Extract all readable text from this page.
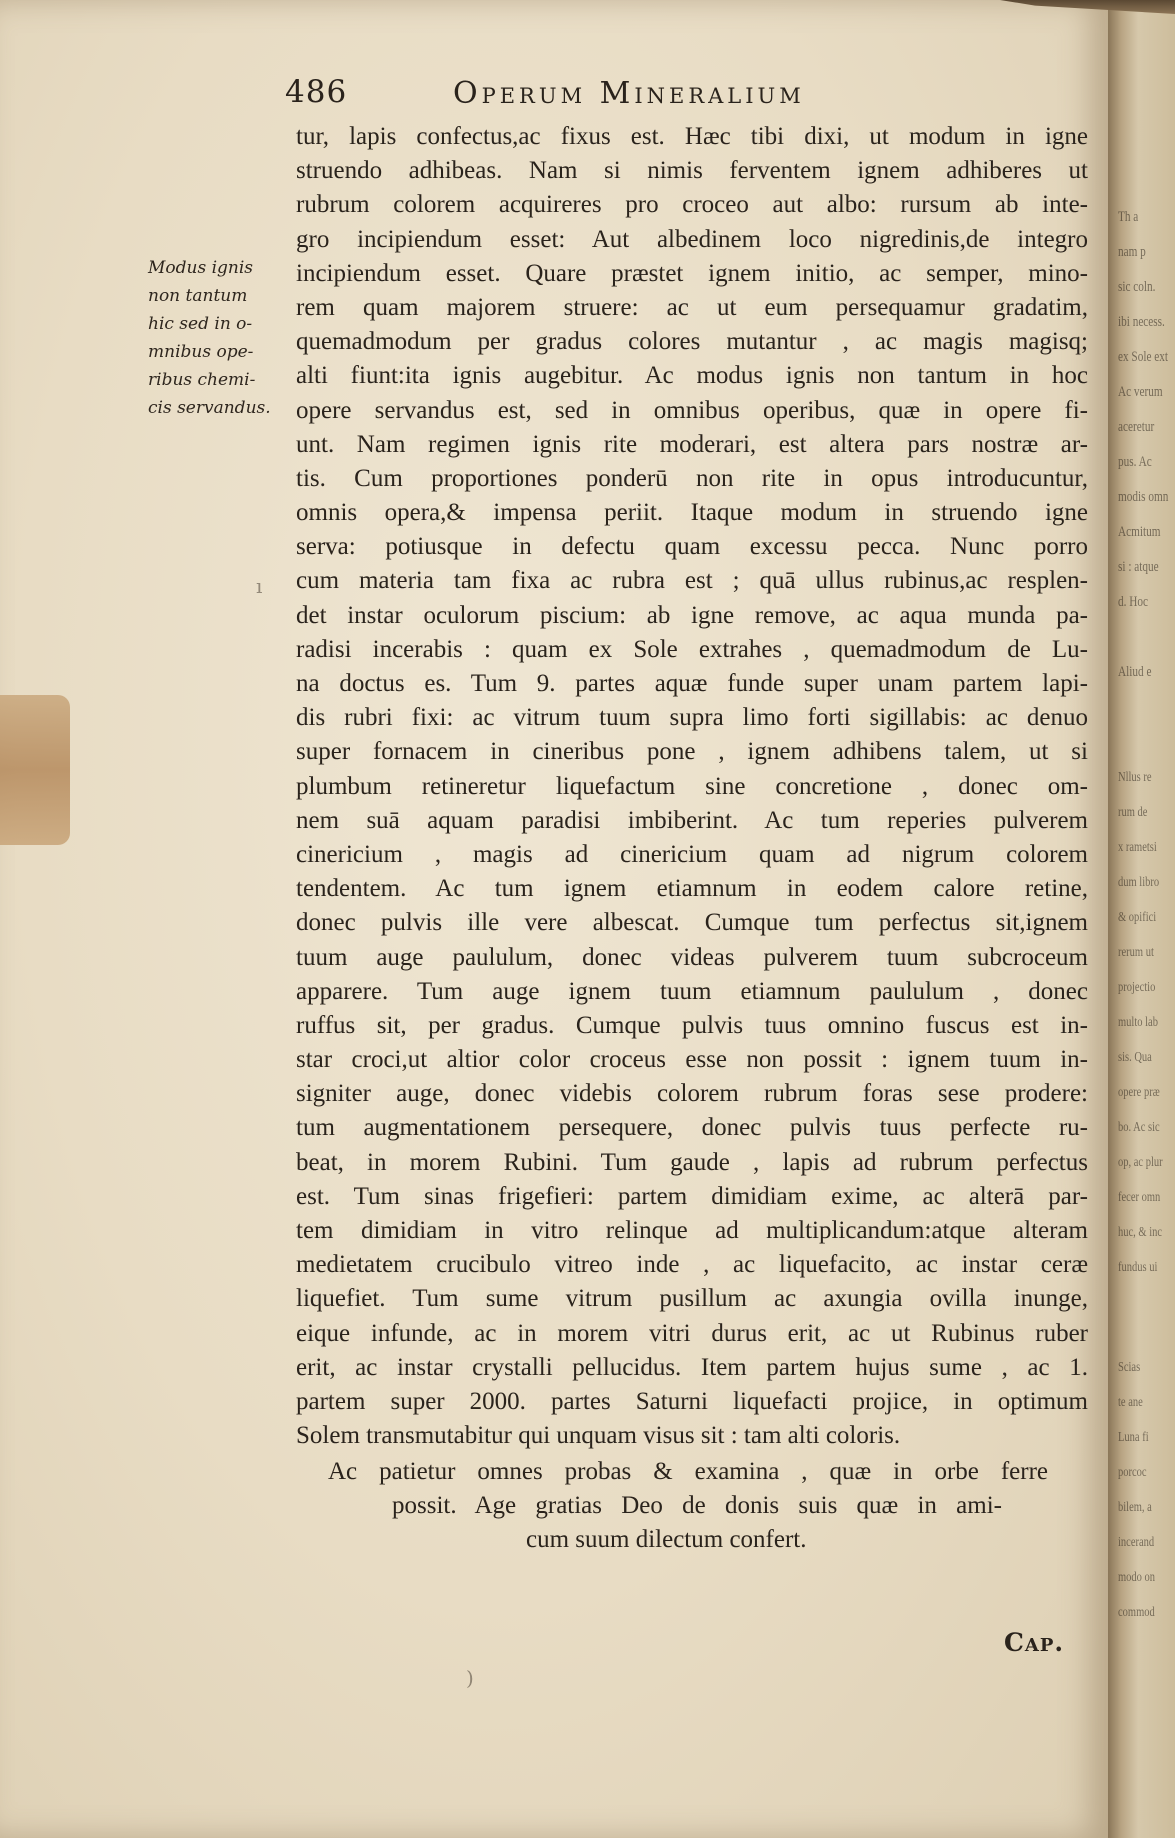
Th a
nam p
sic coln.
ibi necess.
ex Sole ext
Ac verum
aceretur
pus. Ac
modis omn
Acmitum
si : atque
d. Hoc

Aliud e
Nllus re
rum de
x rametsi
dum libro
& opifici
rerum ut
projectio
multo lab
sis. Qua
opere præ
bo. Ac sic
op, ac plur
fecer omn
huc, & inc
fundus ui
Scias
te ane
Luna fi
porcoc
bilem, a
incerand
modo on
commod
486	Operum Mineralium
Modus ignis
non tantum
hic sed in o-
mnibus ope-
ribus chemi-
cis servandus.
tur, lapis confectus,ac fixus est. Hæc tibi dixi, ut modum in igne
struendo adhibeas. Nam si nimis ferventem ignem adhiberes ut
rubrum colorem acquireres pro croceo aut albo: rursum ab inte-
gro incipiendum esset: Aut albedinem loco nigredinis,de integro
incipiendum esset. Quare præstet ignem initio, ac semper, mino-
rem quam majorem struere: ac ut eum persequamur gradatim,
quemadmodum per gradus colores mutantur , ac magis magisq;
alti fiunt:ita ignis augebitur. Ac modus ignis non tantum in hoc
opere servandus est, sed in omnibus operibus, quæ in opere fi-
unt. Nam regimen ignis rite moderari, est altera pars nostræ ar-
tis. Cum proportiones ponderū non rite in opus introducuntur,
omnis opera,& impensa periit. Itaque modum in struendo igne
serva: potiusque in defectu quam excessu pecca. Nunc porro
cum materia tam fixa ac rubra est ; quā ullus rubinus,ac resplen-
det instar oculorum piscium: ab igne remove, ac aqua munda pa-
radisi incerabis : quam ex Sole extrahes , quemadmodum de Lu-
na doctus es. Tum 9. partes aquæ funde super unam partem lapi-
dis rubri fixi: ac vitrum tuum supra limo forti sigillabis: ac denuo
super fornacem in cineribus pone , ignem adhibens talem, ut si
plumbum retineretur liquefactum sine concretione , donec om-
nem suā aquam paradisi imbiberint. Ac tum reperies pulverem
cinericium , magis ad cinericium quam ad nigrum colorem
tendentem. Ac tum ignem etiamnum in eodem calore retine,
donec pulvis ille vere albescat. Cumque tum perfectus sit,ignem
tuum auge paululum, donec videas pulverem tuum subcroceum
apparere. Tum auge ignem tuum etiamnum paululum , donec
ruffus sit, per gradus. Cumque pulvis tuus omnino fuscus est in-
star croci,ut altior color croceus esse non possit : ignem tuum in-
signiter auge, donec videbis colorem rubrum foras sese prodere:
tum augmentationem persequere, donec pulvis tuus perfecte ru-
beat, in morem Rubini. Tum gaude , lapis ad rubrum perfectus
est. Tum sinas frigefieri: partem dimidiam exime, ac alterā par-
tem dimidiam in vitro relinque ad multiplicandum:atque alteram
medietatem crucibulo vitreo inde , ac liquefacito, ac instar ceræ
liquefiet. Tum sume vitrum pusillum ac axungia ovilla inunge,
eique infunde, ac in morem vitri durus erit, ac ut Rubinus ruber
erit, ac instar crystalli pellucidus. Item partem hujus sume , ac 1.
partem super 2000. partes Saturni liquefacti projice, in optimum
Solem transmutabitur qui unquam visus sit : tam alti coloris.
Ac patietur omnes probas & examina , quæ in orbe ferre
possit. Age gratias Deo de donis suis quæ in ami-
cum suum dilectum confert.
Cap.
ı
)
